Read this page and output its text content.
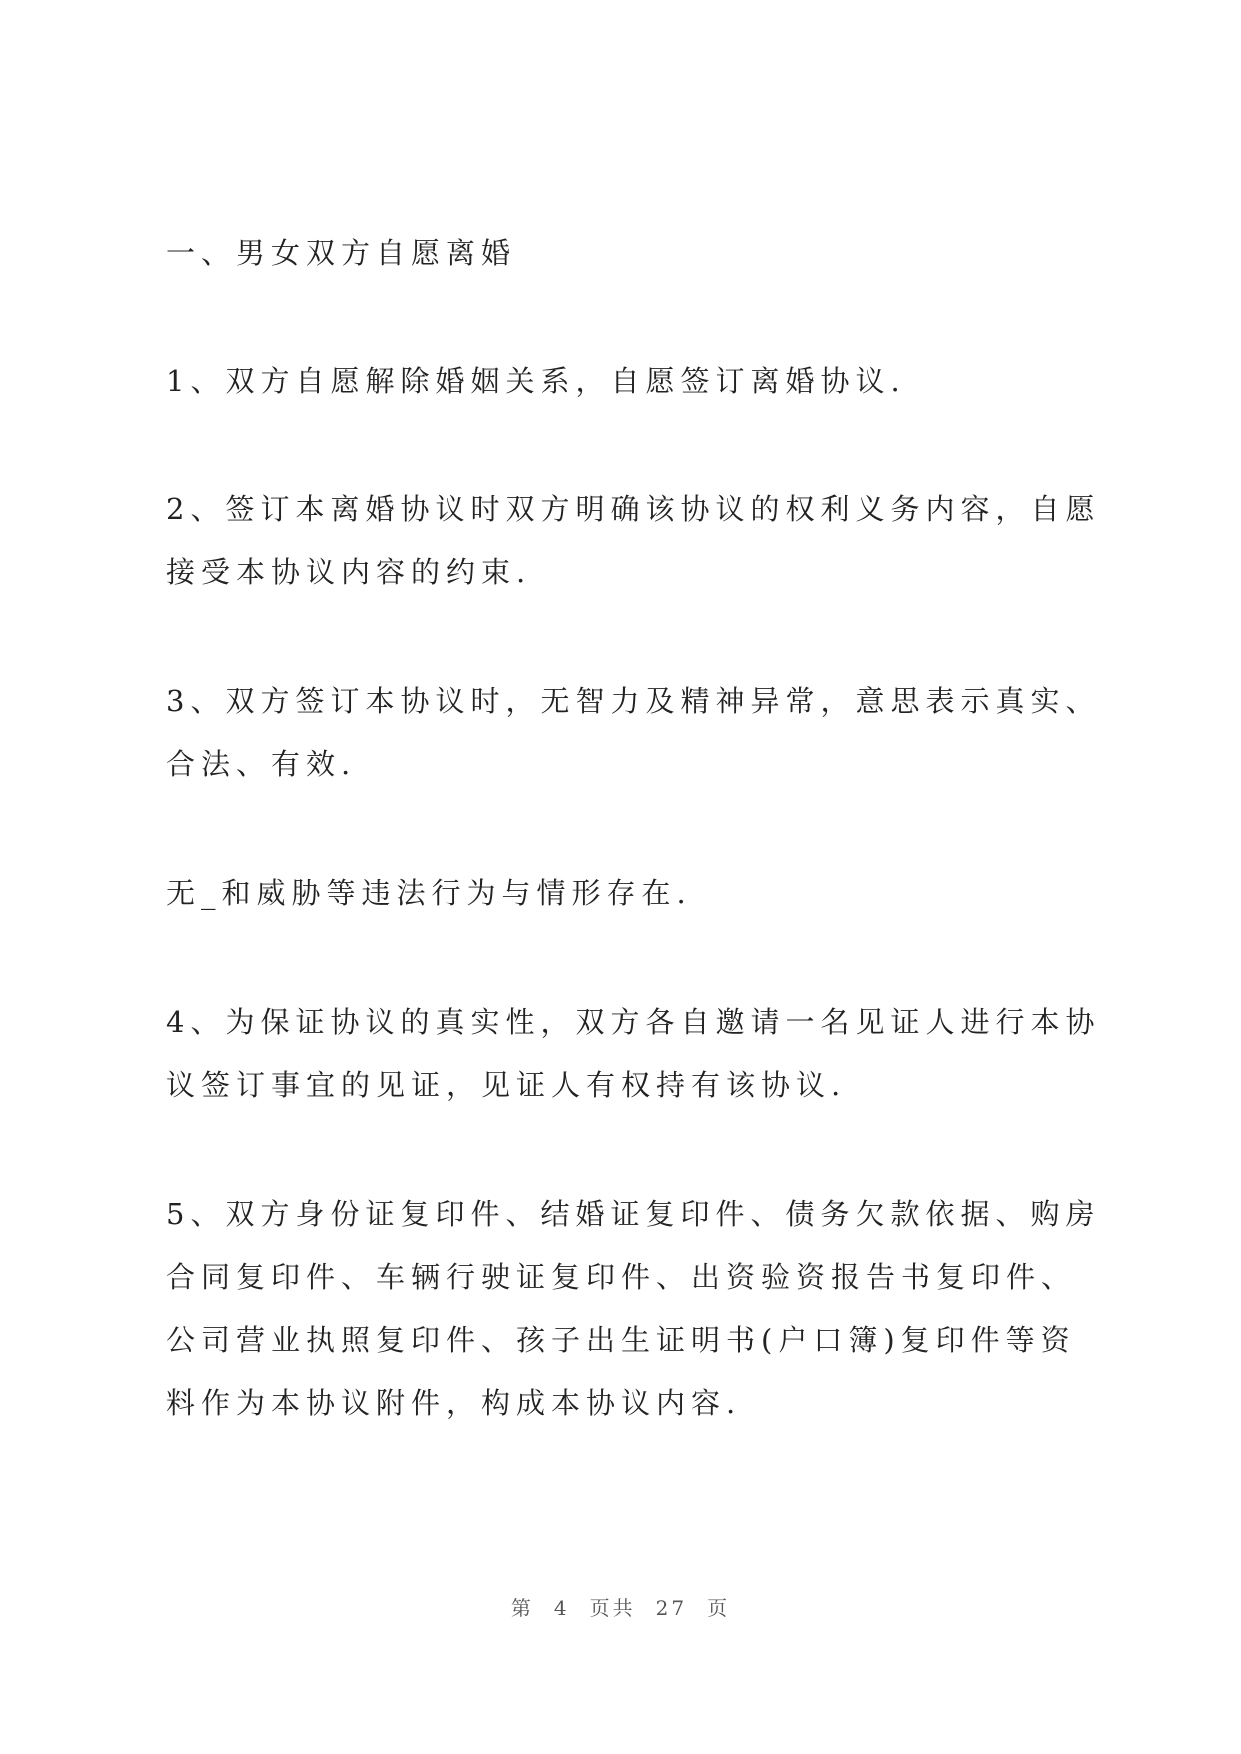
一、男女双方自愿离婚

1、双方自愿解除婚姻关系，自愿签订离婚协议.

2、签订本离婚协议时双方明确该协议的权利义务内容，自愿接受本协议内容的约束.

3、双方签订本协议时，无智力及精神异常，意思表示真实、合法、有效.

无_和威胁等违法行为与情形存在.

4、为保证协议的真实性，双方各自邀请一名见证人进行本协议签订事宜的见证，见证人有权持有该协议.

5、双方身份证复印件、结婚证复印件、债务欠款依据、购房合同复印件、车辆行驶证复印件、出资验资报告书复印件、公司营业执照复印件、孩子出生证明书(户口簿)复印件等资料作为本协议附件，构成本协议内容.

第 4 页共 27 页
